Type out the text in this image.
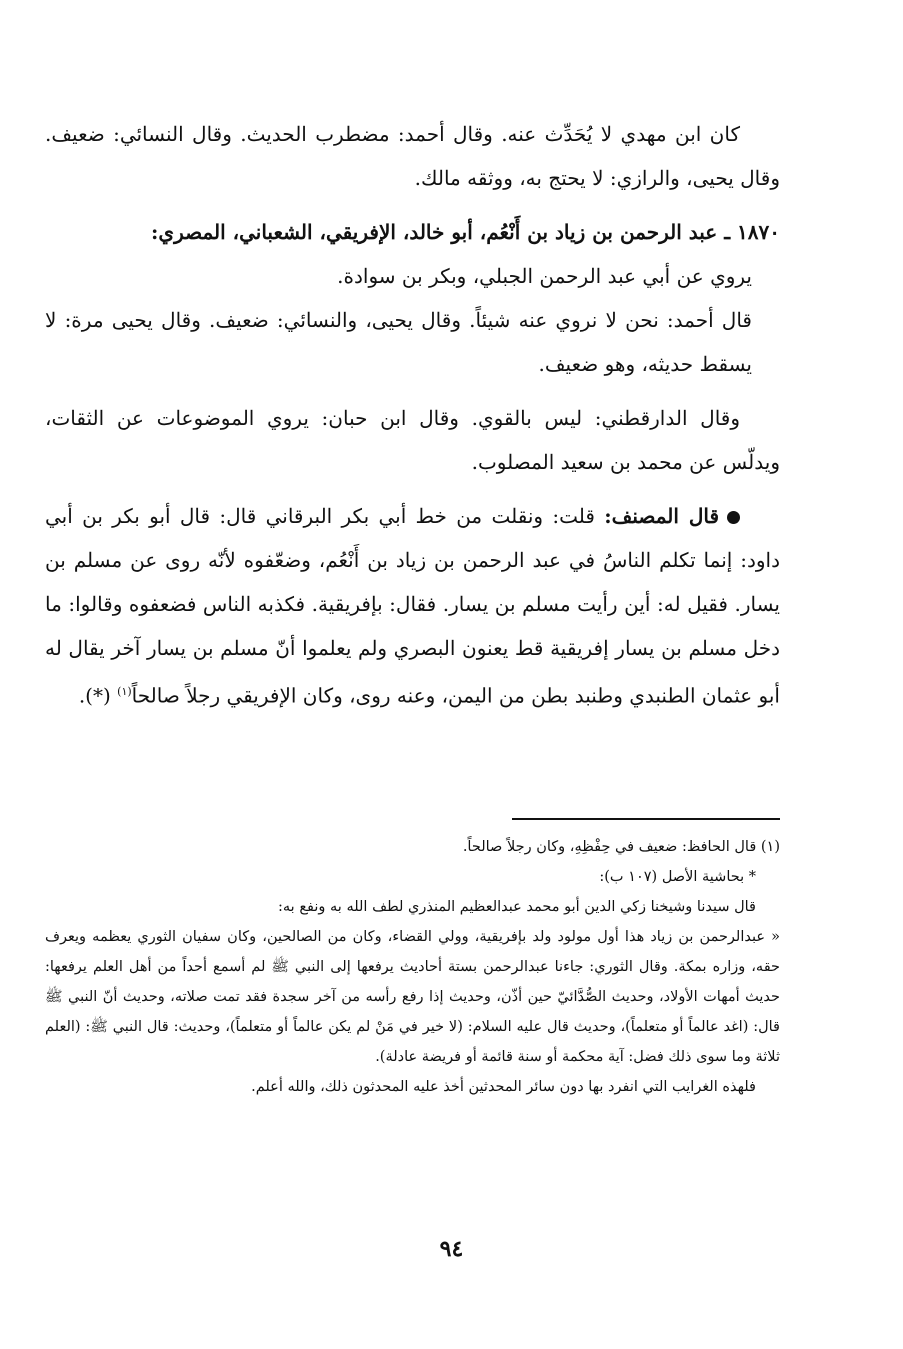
كان ابن مهدي لا يُحَدِّث عنه. وقال أحمد: مضطرب الحديث. وقال النسائي: ضعيف. وقال يحيى، والرازي: لا يحتج به، ووثقه مالك.

١٨٧٠ ـ عبد الرحمن بن زياد بن أَنْعُم، أبو خالد، الإفريقي، الشعباني، المصري:

يروي عن أبي عبد الرحمن الجبلي، وبكر بن سوادة.

قال أحمد: نحن لا نروي عنه شيئاً. وقال يحيى، والنسائي: ضعيف. وقال يحيى مرة: لا يسقط حديثه، وهو ضعيف.

وقال الدارقطني: ليس بالقوي. وقال ابن حبان: يروي الموضوعات عن الثقات، ويدلّس عن محمد بن سعيد المصلوب.

قال المصنف: قلت: ونقلت من خط أبي بكر البرقاني قال: قال أبو بكر بن أبي داود: إنما تكلم الناسُ في عبد الرحمن بن زياد بن أَنْعُم، وضعّفوه لأنّه روى عن مسلم بن يسار. فقيل له: أين رأيت مسلم بن يسار. فقال: بإفريقية. فكذبه الناس فضعفوه وقالوا: ما دخل مسلم بن يسار إفريقية قط يعنون البصري ولم يعلموا أنّ مسلم بن يسار آخر يقال له أبو عثمان الطنبدي وطنبد بطن من اليمن، وعنه روى، وكان الإفريقي رجلاً صالحاً$^{(١)}$ (*).

(١) قال الحافظ: ضعيف في حِفْظِهِ، وكان رجلاً صالحاً.

* بحاشية الأصل (١٠٧ ب):

قال سيدنا وشيخنا زكي الدين أبو محمد عبدالعظيم المنذري لطف الله به ونفع به:

« عبدالرحمن بن زياد هذا أول مولود ولد بإفريقية، وولي القضاء، وكان من الصالحين، وكان سفيان الثوري يعظمه ويعرف حقه، وزاره بمكة. وقال الثوري: جاءنا عبدالرحمن بستة أحاديث يرفعها إلى النبي ﷺ لم أسمع أحداً من أهل العلم يرفعها: حديث أمهات الأولاد، وحديث الصُّدَّائيّ حين أذّن، وحديث إذا رفع رأسه من آخر سجدة فقد تمت صلاته، وحديث أنّ النبي ﷺ قال: (اغد عالماً أو متعلماً)، وحديث قال عليه السلام: (لا خير في مَنْ لم يكن عالماً أو متعلماً)، وحديث: قال النبي ﷺ: (العلم ثلاثة وما سوى ذلك فضل: آية محكمة أو سنة قائمة أو فريضة عادلة).

فلهذه الغرايب التي انفرد بها دون سائر المحدثين أخذ عليه المحدثون ذلك، والله أعلم.

٩٤
